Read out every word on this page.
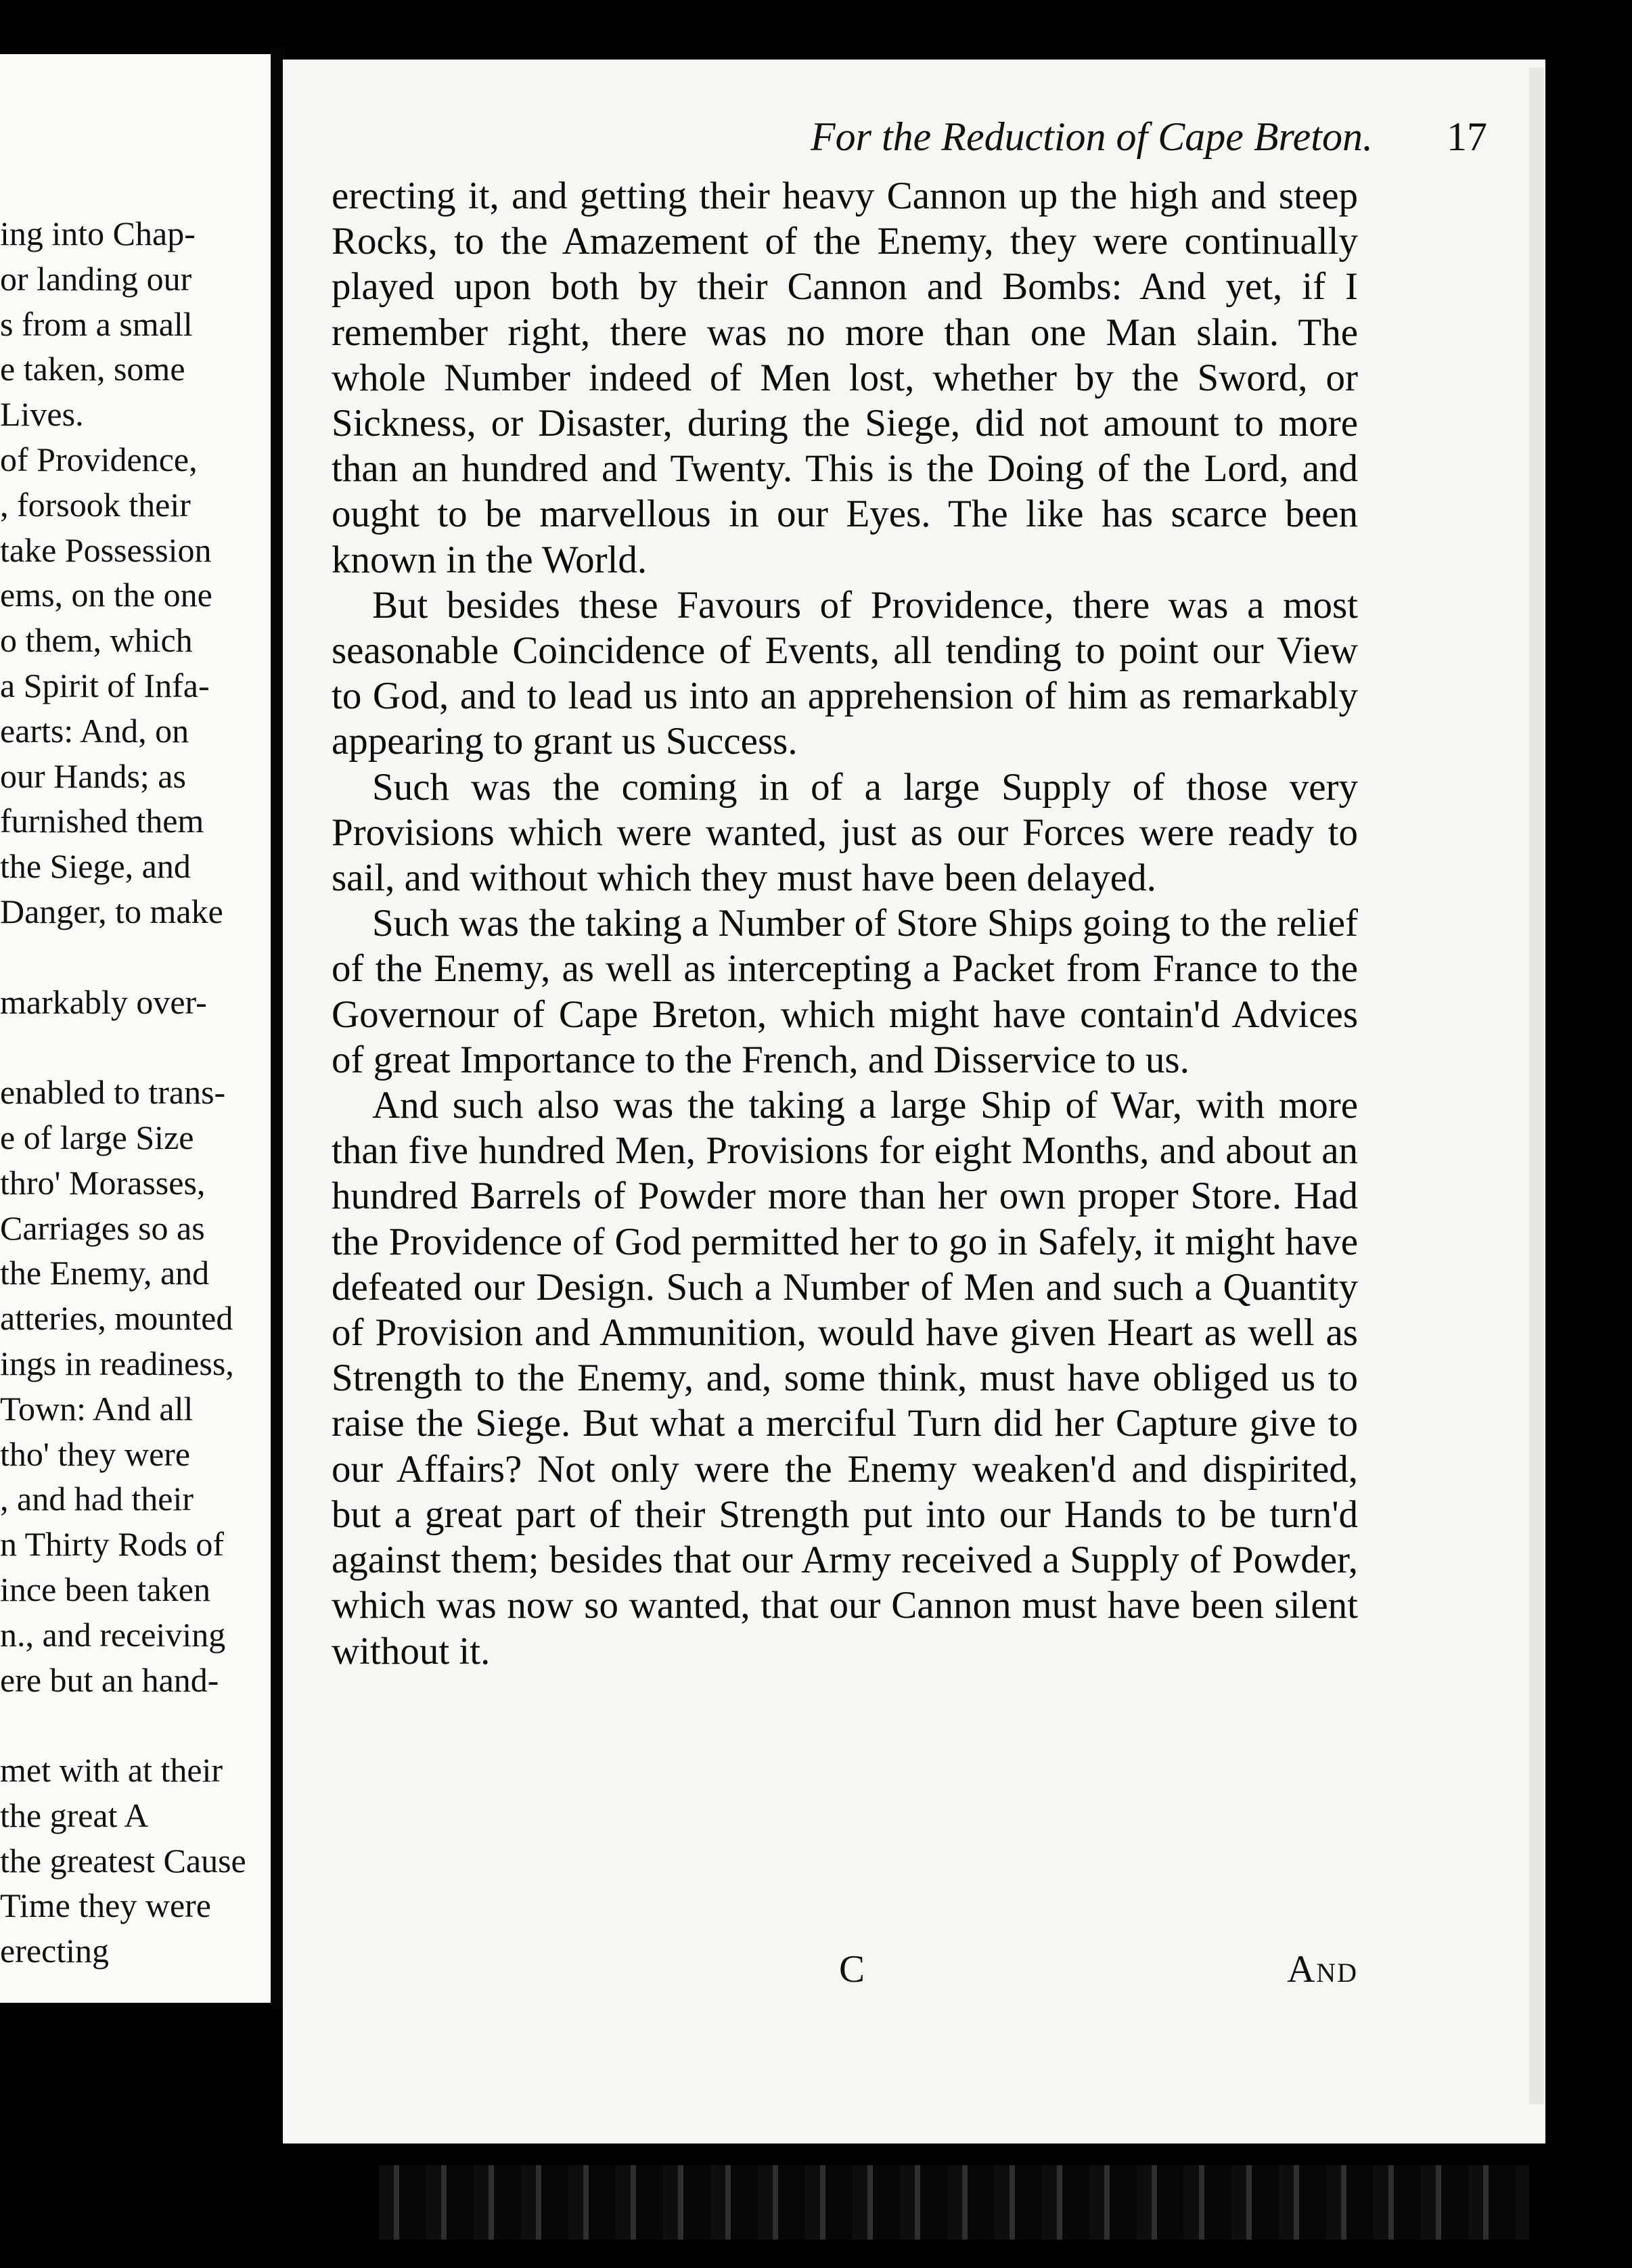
ing into Chap-
or landing our
s from a small
e taken, some
Lives.
of Providence,
, forsook their
take Possession
ems, on the one
o them, which
a Spirit of Infa-
earts: And, on
our Hands; as
furnished them
the Siege, and
Danger, to make
markably over-
enabled to trans-
e of large Size
thro' Morasses,
Carriages so as
the Enemy, and
atteries, mounted
ings in readiness,
Town: And all
tho' they were
, and had their
n Thirty Rods of
ince been taken
n., and receiving
ere but an hand-
met with at their
the great A
the greatest Cause
Time they were
erecting
For the Reduction of Cape Breton. 17

erecting it, and getting their heavy Cannon up the high and steep Rocks, to the Amazement of the Enemy, they were continually played upon both by their Cannon and Bombs: And yet, if I remember right, there was no more than one Man slain. The whole Number indeed of Men lost, whether by the Sword, or Sickness, or Disaster, during the Siege, did not amount to more than an hundred and Twenty. This is the Doing of the Lord, and ought to be marvellous in our Eyes. The like has scarce been known in the World.

But besides these Favours of Providence, there was a most seasonable Coincidence of Events, all tending to point our View to God, and to lead us into an apprehension of him as remarkably appearing to grant us Success.

Such was the coming in of a large Supply of those very Provisions which were wanted, just as our Forces were ready to sail, and without which they must have been delayed.

Such was the taking a Number of Store Ships going to the relief of the Enemy, as well as intercepting a Packet from France to the Governour of Cape Breton, which might have contain'd Advices of great Importance to the French, and Disservice to us.

And such also was the taking a large Ship of War, with more than five hundred Men, Provisions for eight Months, and about an hundred Barrels of Powder more than her own proper Store. Had the Providence of God permitted her to go in Safely, it might have defeated our Design. Such a Number of Men and such a Quantity of Provision and Ammunition, would have given Heart as well as Strength to the Enemy, and, some think, must have obliged us to raise the Siege. But what a merciful Turn did her Capture give to our Affairs? Not only were the Enemy weaken'd and dispirited, but a great part of their Strength put into our Hands to be turn'd against them; besides that our Army received a Supply of Powder, which was now so wanted, that our Cannon must have been silent without it.

C	And
